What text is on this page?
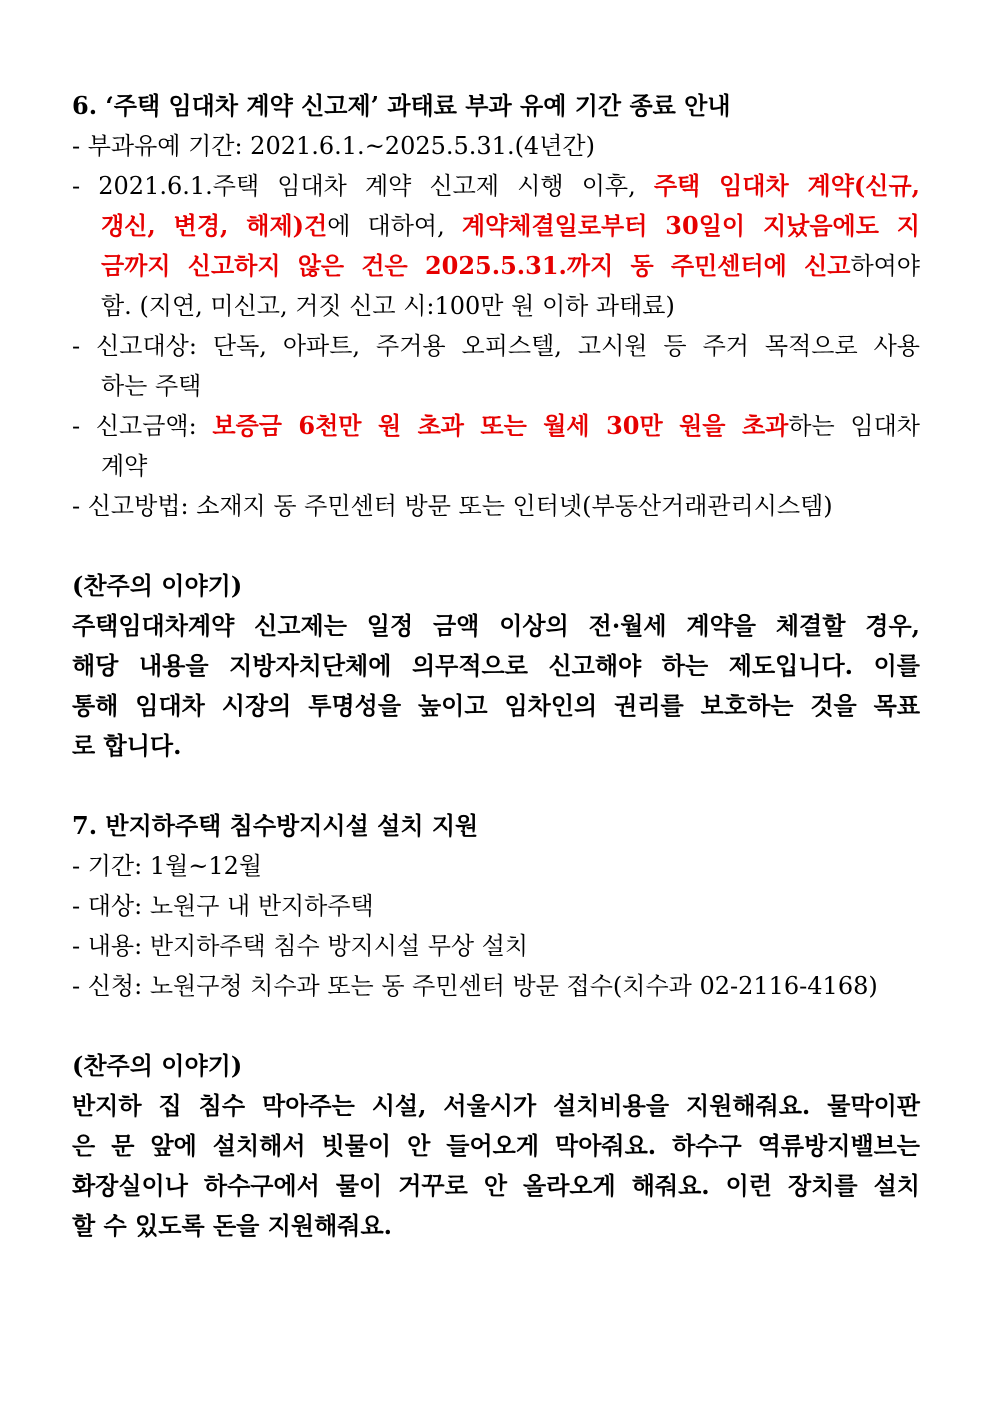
6. ‘주택 임대차 계약 신고제’ 과태료 부과 유예 기간 종료 안내
- 부과유예 기간: 2021.6.1.~2025.5.31.(4년간)
- 2021.6.1.주택 임대차 계약 신고제 시행 이후, 주택 임대차 계약(신규,
갱신, 변경, 해제)건에 대하여, 계약체결일로부터 30일이 지났음에도 지
금까지 신고하지 않은 건은 2025.5.31.까지 동 주민센터에 신고하여야
함. (지연, 미신고, 거짓 신고 시:100만 원 이하 과태료)
- 신고대상: 단독, 아파트, 주거용 오피스텔, 고시원 등 주거 목적으로 사용
하는 주택
- 신고금액: 보증금 6천만 원 초과 또는 월세 30만 원을 초과하는 임대차
계약
- 신고방법: 소재지 동 주민센터 방문 또는 인터넷(부동산거래관리시스템)
(찬주의 이야기)
주택임대차계약 신고제는 일정 금액 이상의 전·월세 계약을 체결할 경우,
해당 내용을 지방자치단체에 의무적으로 신고해야 하는 제도입니다. 이를
통해 임대차 시장의 투명성을 높이고 임차인의 권리를 보호하는 것을 목표
로 합니다.
7. 반지하주택 침수방지시설 설치 지원
- 기간: 1월~12월
- 대상: 노원구 내 반지하주택
- 내용: 반지하주택 침수 방지시설 무상 설치
- 신청: 노원구청 치수과 또는 동 주민센터 방문 접수(치수과 02-2116-4168)
(찬주의 이야기)
반지하 집 침수 막아주는 시설, 서울시가 설치비용을 지원해줘요. 물막이판
은 문 앞에 설치해서 빗물이 안 들어오게 막아줘요. 하수구 역류방지밸브는
화장실이나 하수구에서 물이 거꾸로 안 올라오게 해줘요. 이런 장치를 설치
할 수 있도록 돈을 지원해줘요.
